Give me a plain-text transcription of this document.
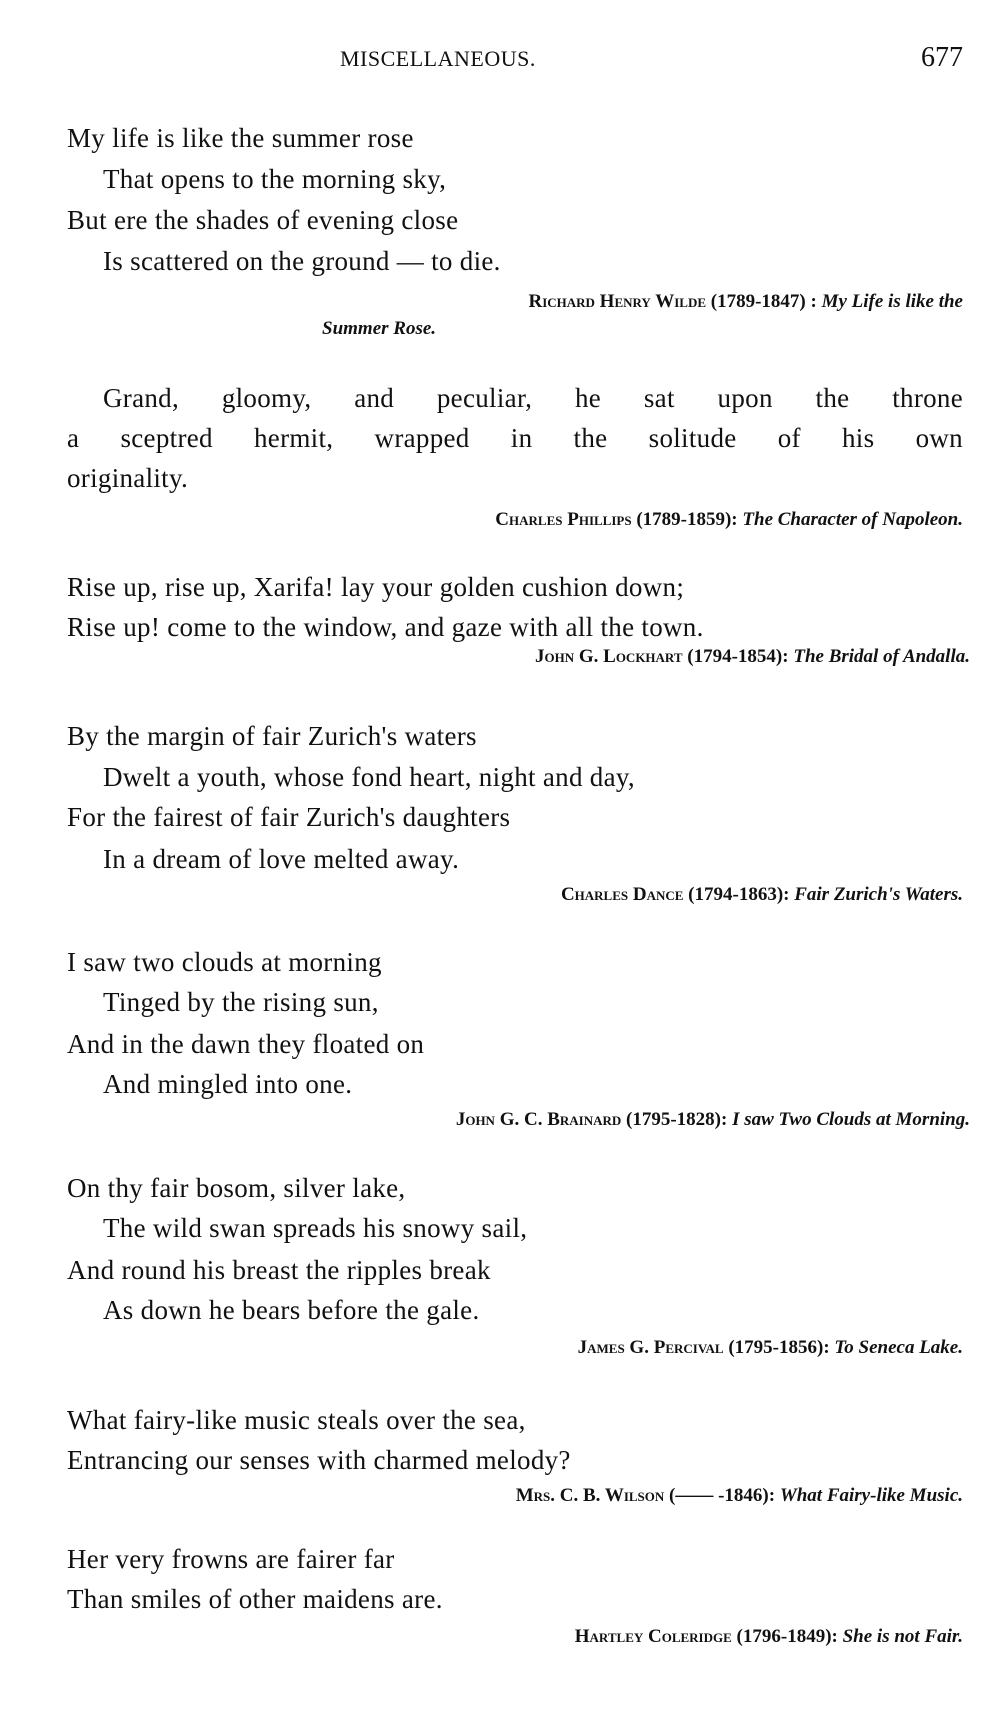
MISCELLANEOUS.	677
My life is like the summer rose
That opens to the morning sky,
But ere the shades of evening close
Is scattered on the ground — to die.
Richard Henry Wilde (1789-1847) : My Life is like the
Summer Rose.
Grand, gloomy, and peculiar, he sat upon the throne
a sceptred hermit, wrapped in the solitude of his own
originality.
Charles Phillips (1789-1859): The Character of Napoleon.
Rise up, rise up, Xarifa! lay your golden cushion down;
Rise up! come to the window, and gaze with all the town.
John G. Lockhart (1794-1854): The Bridal of Andalla.
By the margin of fair Zurich's waters
Dwelt a youth, whose fond heart, night and day,
For the fairest of fair Zurich's daughters
In a dream of love melted away.
Charles Dance (1794-1863): Fair Zurich's Waters.
I saw two clouds at morning
Tinged by the rising sun,
And in the dawn they floated on
And mingled into one.
John G. C. Brainard (1795-1828): I saw Two Clouds at Morning.
On thy fair bosom, silver lake,
The wild swan spreads his snowy sail,
And round his breast the ripples break
As down he bears before the gale.
James G. Percival (1795-1856): To Seneca Lake.
What fairy-like music steals over the sea,
Entrancing our senses with charmed melody?
Mrs. C. B. Wilson (—— -1846): What Fairy-like Music.
Her very frowns are fairer far
Than smiles of other maidens are.
Hartley Coleridge (1796-1849): She is not Fair.
